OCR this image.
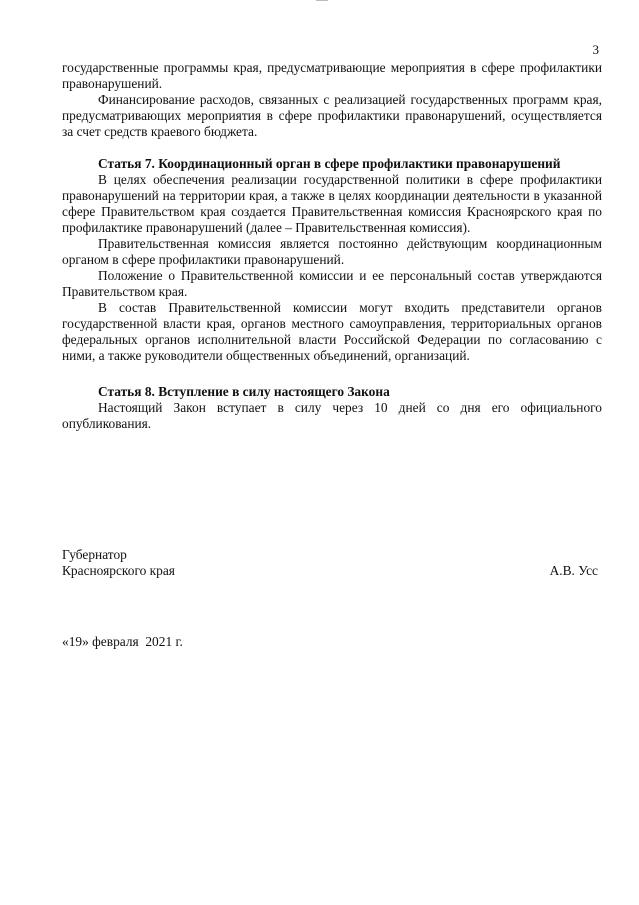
3

государственные программы края, предусматривающие мероприятия в сфере профилактики правонарушений.

Финансирование расходов, связанных с реализацией государственных программ края, предусматривающих мероприятия в сфере профилактики правонарушений, осуществляется за счет средств краевого бюджета.

Статья 7. Координационный орган в сфере профилактики правонарушений

В целях обеспечения реализации государственной политики в сфере профилактики правонарушений на территории края, а также в целях координации деятельности в указанной сфере Правительством края создается Правительственная комиссия Красноярского края по профилактике правонарушений (далее – Правительственная комиссия).

Правительственная комиссия является постоянно действующим координационным органом в сфере профилактики правонарушений.

Положение о Правительственной комиссии и ее персональный состав утверждаются Правительством края.

В состав Правительственной комиссии могут входить представители органов государственной власти края, органов местного самоуправления, территориальных органов федеральных органов исполнительной власти Российской Федерации по согласованию с ними, а также руководители общественных объединений, организаций.

Статья 8. Вступление в силу настоящего Закона

Настоящий Закон вступает в силу через 10 дней со дня его официального опубликования.

Губернатор
Красноярского края	А.В. Усс
«19» февраля  2021 г.
